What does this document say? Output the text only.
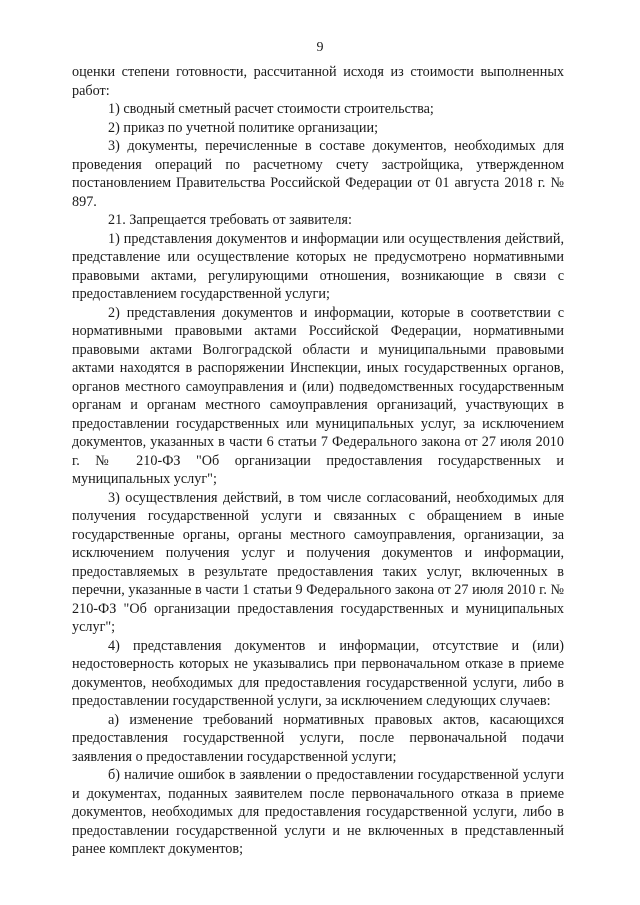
9

оценки степени готовности, рассчитанной исходя из стоимости выполненных работ:

1) сводный сметный расчет стоимости строительства;

2) приказ по учетной политике организации;

3) документы, перечисленные в составе документов, необходимых для проведения операций по расчетному счету застройщика, утвержденном постановлением Правительства Российской Федерации от 01 августа 2018 г. № 897.

21. Запрещается требовать от заявителя:

1) представления документов и информации или осуществления действий, представление или осуществление которых не предусмотрено нормативными правовыми актами, регулирующими отношения, возникающие в связи с предоставлением государственной услуги;

2) представления документов и информации, которые в соответствии с нормативными правовыми актами Российской Федерации, нормативными правовыми актами Волгоградской области и муниципальными правовыми актами находятся в распоряжении Инспекции, иных государственных органов, органов местного самоуправления и (или) подведомственных государственным органам и органам местного самоуправления организаций, участвующих в предоставлении государственных или муниципальных услуг, за исключением документов, указанных в части 6 статьи 7 Федерального закона от 27 июля 2010 г. № 210-ФЗ "Об организации предоставления государственных и муниципальных услуг";

3) осуществления действий, в том числе согласований, необходимых для получения государственной услуги и связанных с обращением в иные государственные органы, органы местного самоуправления, организации, за исключением получения услуг и получения документов и информации, предоставляемых в результате предоставления таких услуг, включенных в перечни, указанные в части 1 статьи 9 Федерального закона от 27 июля 2010 г. № 210-ФЗ "Об организации предоставления государственных и муниципальных услуг";

4) представления документов и информации, отсутствие и (или) недостоверность которых не указывались при первоначальном отказе в приеме документов, необходимых для предоставления государственной услуги, либо в предоставлении государственной услуги, за исключением следующих случаев:

а) изменение требований нормативных правовых актов, касающихся предоставления государственной услуги, после первоначальной подачи заявления о предоставлении государственной услуги;

б) наличие ошибок в заявлении о предоставлении государственной услуги и документах, поданных заявителем после первоначального отказа в приеме документов, необходимых для предоставления государственной услуги, либо в предоставлении государственной услуги и не включенных в представленный ранее комплект документов;
